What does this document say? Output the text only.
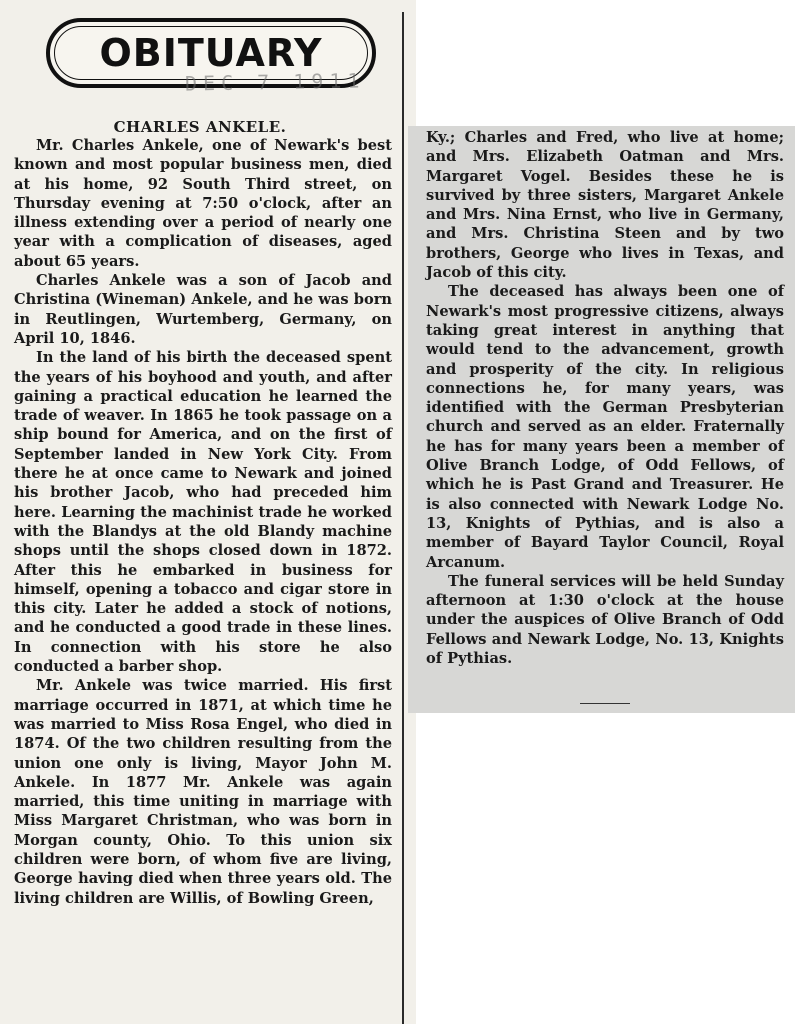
OBITUARY
DEC 7 1911
CHARLES ANKELE.

Mr. Charles Ankele, one of Newark's best known and most popular business men, died at his home, 92 South Third street, on Thursday evening at 7:50 o'clock, after an illness extending over a period of nearly one year with a complication of diseases, aged about 65 years.

Charles Ankele was a son of Jacob and Christina (Wineman) Ankele, and he was born in Reutlingen, Wurtemberg, Germany, on April 10, 1846.

In the land of his birth the deceased spent the years of his boyhood and youth, and after gaining a practical education he learned the trade of weaver. In 1865 he took passage on a ship bound for America, and on the first of September landed in New York City. From there he at once came to Newark and joined his brother Jacob, who had preceded him here. Learning the machinist trade he worked with the Blandys at the old Blandy machine shops until the shops closed down in 1872. After this he embarked in business for himself, opening a tobacco and cigar store in this city. Later he added a stock of notions, and he conducted a good trade in these lines. In connection with his store he also conducted a barber shop.

Mr. Ankele was twice married. His first marriage occurred in 1871, at which time he was married to Miss Rosa Engel, who died in 1874. Of the two children resulting from the union one only is living, Mayor John M. Ankele. In 1877 Mr. Ankele was again married, this time uniting in marriage with Miss Margaret Christman, who was born in Morgan county, Ohio. To this union six children were born, of whom five are living, George having died when three years old. The living children are Willis, of Bowling Green,

Ky.; Charles and Fred, who live at home; and Mrs. Elizabeth Oatman and Mrs. Margaret Vogel. Besides these he is survived by three sisters, Margaret Ankele and Mrs. Nina Ernst, who live in Germany, and Mrs. Christina Steen and by two brothers, George who lives in Texas, and Jacob of this city.

The deceased has always been one of Newark's most progressive citizens, always taking great interest in anything that would tend to the advancement, growth and prosperity of the city. In religious connections he, for many years, was identified with the German Presbyterian church and served as an elder. Fraternally he has for many years been a member of Olive Branch Lodge, of Odd Fellows, of which he is Past Grand and Treasurer. He is also connected with Newark Lodge No. 13, Knights of Pythias, and is also a member of Bayard Taylor Council, Royal Arcanum.

The funeral services will be held Sunday afternoon at 1:30 o'clock at the house under the auspices of Olive Branch of Odd Fellows and Newark Lodge, No. 13, Knights of Pythias.
